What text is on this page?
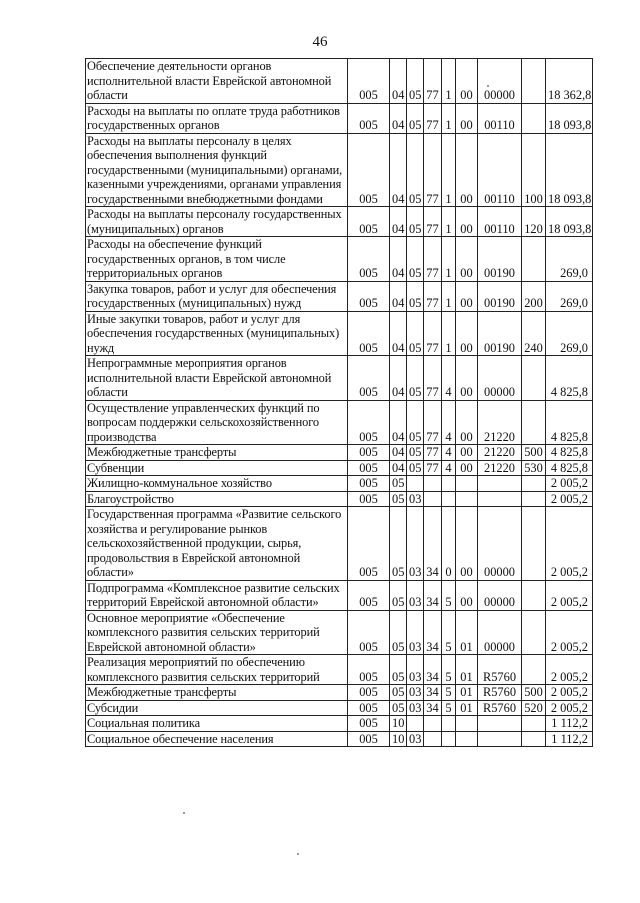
46
Обеспечение деятельности органов исполнительной власти Еврейской автономной области	005	04	05	77	1	00	00000		18 362,8
Расходы на выплаты по оплате труда работников государственных органов	005	04	05	77	1	00	00110		18 093,8
Расходы на выплаты персоналу в целях обеспечения выполнения функций государственными (муниципальными) органами, казенными учреждениями, органами управления государственными внебюджетными фондами	005	04	05	77	1	00	00110	100	18 093,8
Расходы на выплаты персоналу государственных (муниципальных) органов	005	04	05	77	1	00	00110	120	18 093,8
Расходы на обеспечение функций государственных органов, в том числе территориальных органов	005	04	05	77	1	00	00190		269,0
Закупка товаров, работ и услуг для обеспечения государственных (муниципальных) нужд	005	04	05	77	1	00	00190	200	269,0
Иные закупки товаров, работ и услуг для обеспечения государственных (муниципальных) нужд	005	04	05	77	1	00	00190	240	269,0
Непрограммные мероприятия органов исполнительной власти Еврейской автономной области	005	04	05	77	4	00	00000		4 825,8
Осуществление управленческих функций по вопросам поддержки сельскохозяйственного производства	005	04	05	77	4	00	21220		4 825,8
Межбюджетные трансферты	005	04	05	77	4	00	21220	500	4 825,8
Субвенции	005	04	05	77	4	00	21220	530	4 825,8
Жилищно-коммунальное хозяйство	005	05							2 005,2
Благоустройство	005	05	03						2 005,2
Государственная программа «Развитие сельского хозяйства и регулирование рынков сельскохозяйственной продукции, сырья, продовольствия в Еврейской автономной области»	005	05	03	34	0	00	00000		2 005,2
Подпрограмма «Комплексное развитие сельских территорий Еврейской автономной области»	005	05	03	34	5	00	00000		2 005,2
Основное мероприятие «Обеспечение комплексного развития сельских территорий Еврейской автономной области»	005	05	03	34	5	01	00000		2 005,2
Реализация мероприятий по обеспечению комплексного развития сельских территорий	005	05	03	34	5	01	R5760		2 005,2
Межбюджетные трансферты	005	05	03	34	5	01	R5760	500	2 005,2
Субсидии	005	05	03	34	5	01	R5760	520	2 005,2
Социальная политика	005	10							1 112,2
Социальное обеспечение населения	005	10	03						1 112,2
